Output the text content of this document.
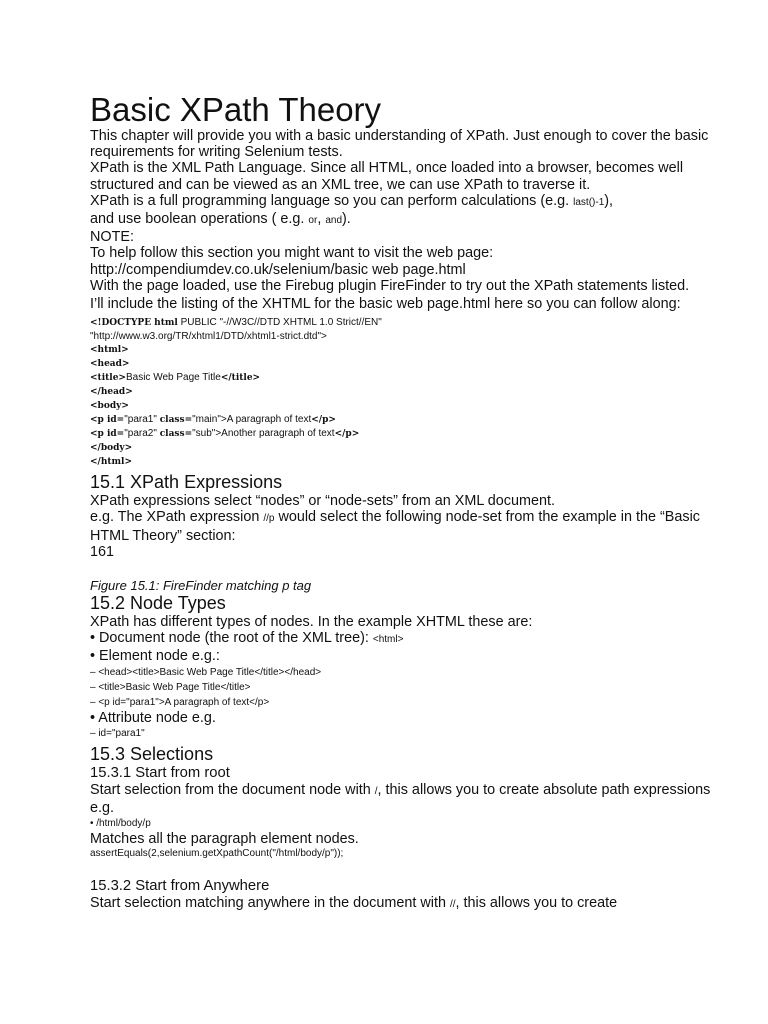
Basic XPath Theory

This chapter will provide you with a basic understanding of XPath. Just enough to cover the basic requirements for writing Selenium tests.

XPath is the XML Path Language. Since all HTML, once loaded into a browser, becomes well structured and can be viewed as an XML tree, we can use XPath to traverse it.

XPath is a full programming language so you can perform calculations (e.g. last()-1),
and use boolean operations ( e.g. or, and).

NOTE:

To help follow this section you might want to visit the web page:

http://compendiumdev.co.uk/selenium/basic web page.html

With the page loaded, use the Firebug plugin FireFinder to try out the XPath statements listed.

I’ll include the listing of the XHTML for the basic web page.html here so you can follow along:

<!DOCTYPE html PUBLIC "-//W3C//DTD XHTML 1.0 Strict//EN"

"http://www.w3.org/TR/xhtml1/DTD/xhtml1-strict.dtd">

<html>

<head>

<title>Basic Web Page Title</title>

</head>

<body>

<p id="para1" class="main">A paragraph of text</p>

<p id="para2" class="sub">Another paragraph of text</p>

</body>

</html>

15.1 XPath Expressions

XPath expressions select “nodes” or “node-sets” from an XML document.

e.g. The XPath expression //p would select the following node-set from the example in the “Basic HTML Theory” section:

161

Figure 15.1: FireFinder matching p tag

15.2 Node Types

XPath has different types of nodes. In the example XHTML these are:

• Document node (the root of the XML tree): <html>

• Element node e.g.:

– <head><title>Basic Web Page Title</title></head>

– <title>Basic Web Page Title</title>

– <p id="para1">A paragraph of text</p>

• Attribute node e.g.

– id="para1"

15.3 Selections
15.3.1 Start from root

Start selection from the document node with /, this allows you to create absolute path expressions e.g.

• /html/body/p

Matches all the paragraph element nodes.

assertEquals(2,selenium.getXpathCount("/html/body/p"));

15.3.2 Start from Anywhere

Start selection matching anywhere in the document with //, this allows you to create
